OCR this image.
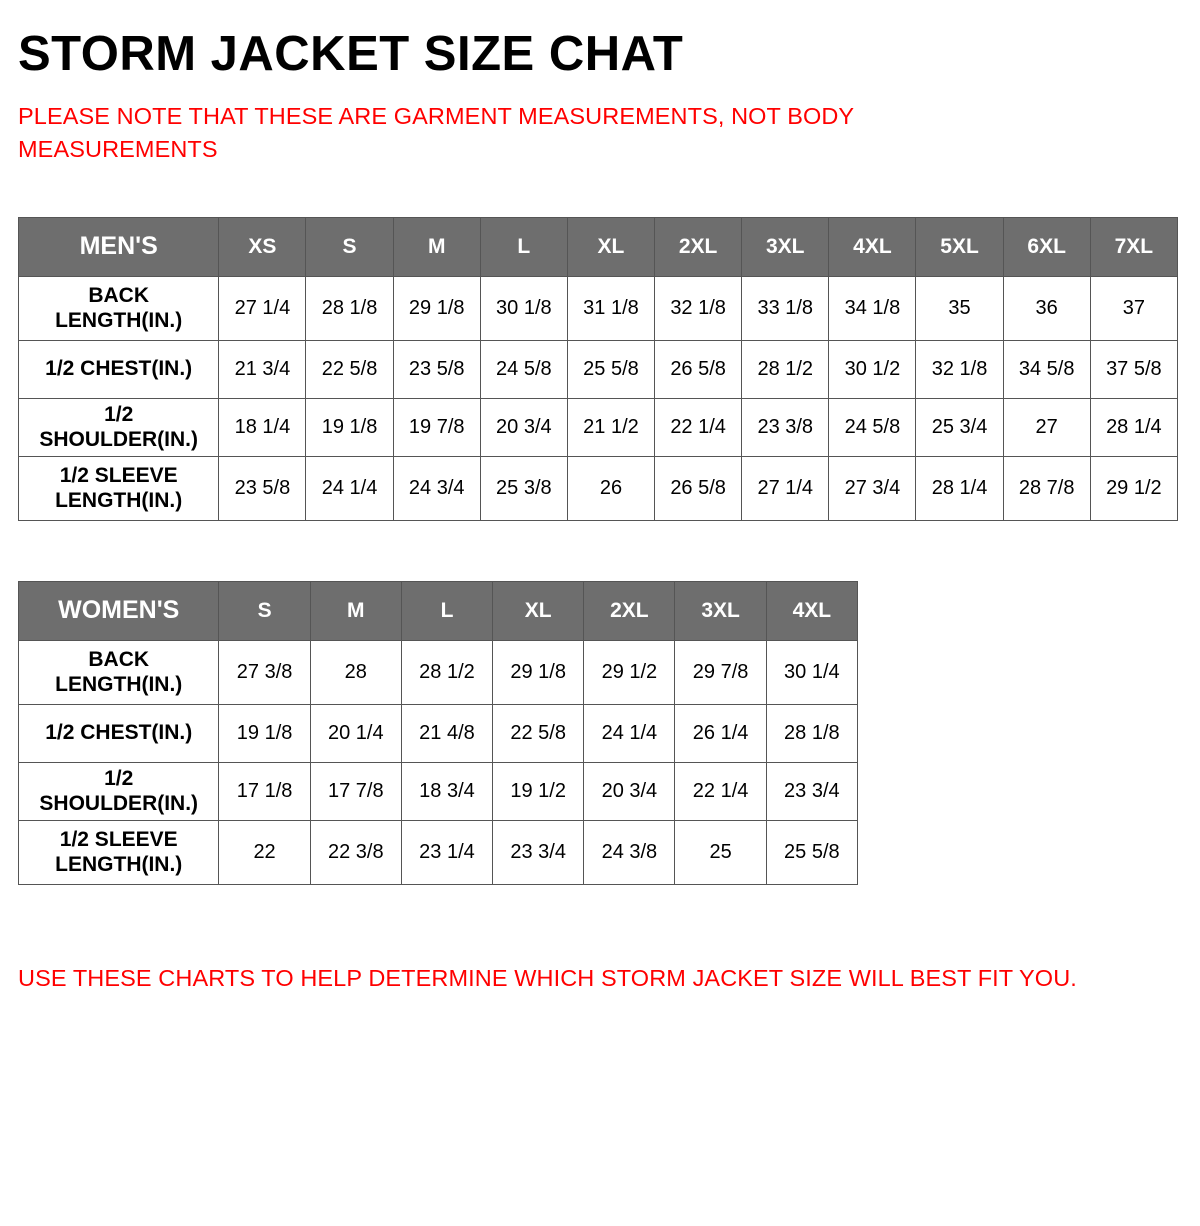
STORM JACKET SIZE CHAT
PLEASE NOTE THAT THESE ARE GARMENT MEASUREMENTS, NOT BODY MEASUREMENTS
MEN'S	XS	S	M	L	XL	2XL	3XL	4XL	5XL	6XL	7XL
BACK LENGTH(IN.)	27 1/4	28 1/8	29 1/8	30 1/8	31 1/8	32 1/8	33 1/8	34 1/8	35	36	37
1/2 CHEST(IN.)	21 3/4	22 5/8	23 5/8	24 5/8	25 5/8	26 5/8	28 1/2	30 1/2	32 1/8	34 5/8	37 5/8
1/2 SHOULDER(IN.)	18 1/4	19 1/8	19 7/8	20 3/4	21 1/2	22 1/4	23 3/8	24 5/8	25 3/4	27	28 1/4
1/2 SLEEVE LENGTH(IN.)	23 5/8	24 1/4	24 3/4	25 3/8	26	26 5/8	27 1/4	27 3/4	28 1/4	28 7/8	29 1/2
WOMEN'S	S	M	L	XL	2XL	3XL	4XL
BACK LENGTH(IN.)	27 3/8	28	28 1/2	29 1/8	29 1/2	29 7/8	30 1/4
1/2 CHEST(IN.)	19 1/8	20 1/4	21 4/8	22 5/8	24 1/4	26 1/4	28 1/8
1/2 SHOULDER(IN.)	17 1/8	17 7/8	18 3/4	19 1/2	20 3/4	22 1/4	23 3/4
1/2 SLEEVE LENGTH(IN.)	22	22 3/8	23 1/4	23 3/4	24 3/8	25	25 5/8
USE THESE CHARTS TO HELP DETERMINE WHICH STORM JACKET SIZE WILL BEST FIT YOU.
